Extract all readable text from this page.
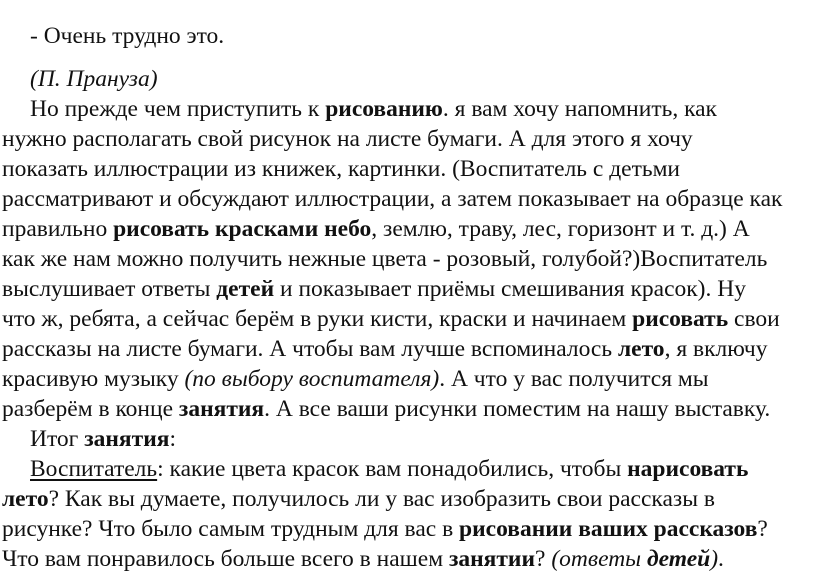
- Очень трудно это.
(П. Прануза)
Но прежде чем приступить к рисованию. я вам хочу напомнить, как
нужно располагать свой рисунок на листе бумаги. А для этого я хочу
показать иллюстрации из книжек, картинки. (Воспитатель с детьми
рассматривают и обсуждают иллюстрации, а затем показывает на образце как
правильно рисовать красками небо, землю, траву, лес, горизонт и т. д.) А
как же нам можно получить нежные цвета - розовый, голубой?)Воспитатель
выслушивает ответы детей и показывает приёмы смешивания красок). Ну
что ж, ребята, а сейчас берём в руки кисти, краски и начинаем рисовать свои
рассказы на листе бумаги. А чтобы вам лучше вспоминалось лето, я включу
красивую музыку (по выбору воспитателя). А что у вас получится мы
разберём в конце занятия. А все ваши рисунки поместим на нашу выставку.
Итог занятия:
Воспитатель: какие цвета красок вам понадобились, чтобы нарисовать
лето? Как вы думаете, получилось ли у вас изобразить свои рассказы в
рисунке? Что было самым трудным для вас в рисовании ваших рассказов?
Что вам понравилось больше всего в нашем занятии? (ответы детей).
